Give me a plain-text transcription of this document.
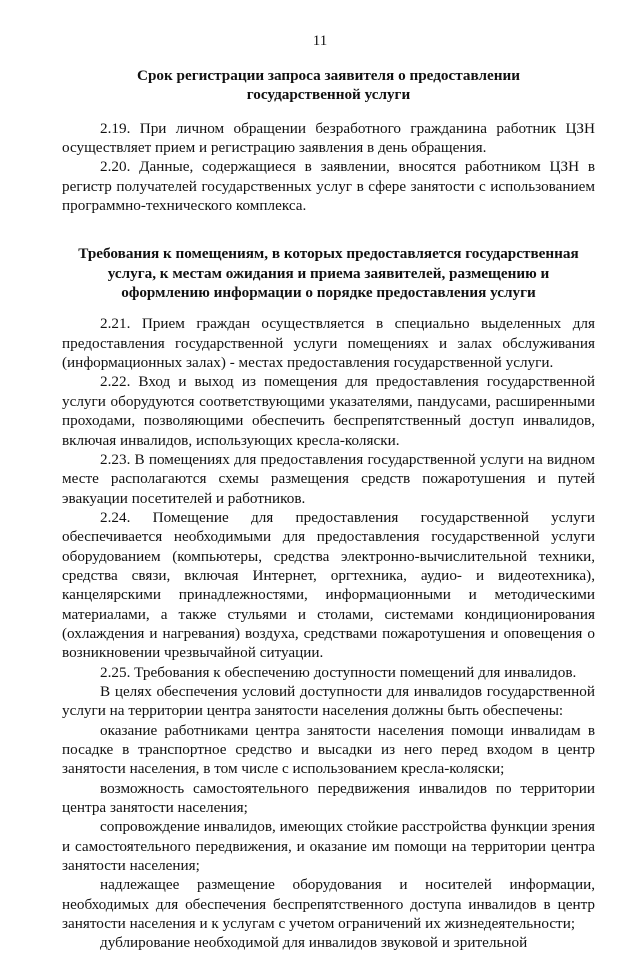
11

Срок регистрации запроса заявителя о предоставлении государственной услуги

2.19. При личном обращении безработного гражданина работник ЦЗН осуществляет прием и регистрацию заявления в день обращения.

2.20. Данные, содержащиеся в заявлении, вносятся работником ЦЗН в регистр получателей государственных услуг в сфере занятости с использованием программно-технического комплекса.

Требования к помещениям, в которых предоставляется государственная услуга, к местам ожидания и приема заявителей, размещению и оформлению информации о порядке предоставления услуги

2.21. Прием граждан осуществляется в специально выделенных для предоставления государственной услуги помещениях и залах обслуживания (информационных залах) - местах предоставления государственной услуги.

2.22. Вход и выход из помещения для предоставления государственной услуги оборудуются соответствующими указателями, пандусами, расширенными проходами, позволяющими обеспечить беспрепятственный доступ инвалидов, включая инвалидов, использующих кресла-коляски.

2.23. В помещениях для предоставления государственной услуги на видном месте располагаются схемы размещения средств пожаротушения и путей эвакуации посетителей и работников.

2.24. Помещение для предоставления государственной услуги обеспечивается необходимыми для предоставления государственной услуги оборудованием (компьютеры, средства электронно-вычислительной техники, средства связи, включая Интернет, оргтехника, аудио- и видеотехника), канцелярскими принадлежностями, информационными и методическими материалами, а также стульями и столами, системами кондиционирования (охлаждения и нагревания) воздуха, средствами пожаротушения и оповещения о возникновении чрезвычайной ситуации.

2.25. Требования к обеспечению доступности помещений для инвалидов.

В целях обеспечения условий доступности для инвалидов государственной услуги на территории центра занятости населения должны быть обеспечены:

оказание работниками центра занятости населения помощи инвалидам в посадке в транспортное средство и высадки из него перед входом в центр занятости населения, в том числе с использованием кресла-коляски;

возможность самостоятельного передвижения инвалидов по территории центра занятости населения;

сопровождение инвалидов, имеющих стойкие расстройства функции зрения и самостоятельного передвижения, и оказание им помощи на территории центра занятости населения;

надлежащее размещение оборудования и носителей информации, необходимых для обеспечения беспрепятственного доступа инвалидов в центр занятости населения и к услугам с учетом ограничений их жизнедеятельности;

дублирование необходимой для инвалидов звуковой и зрительной
